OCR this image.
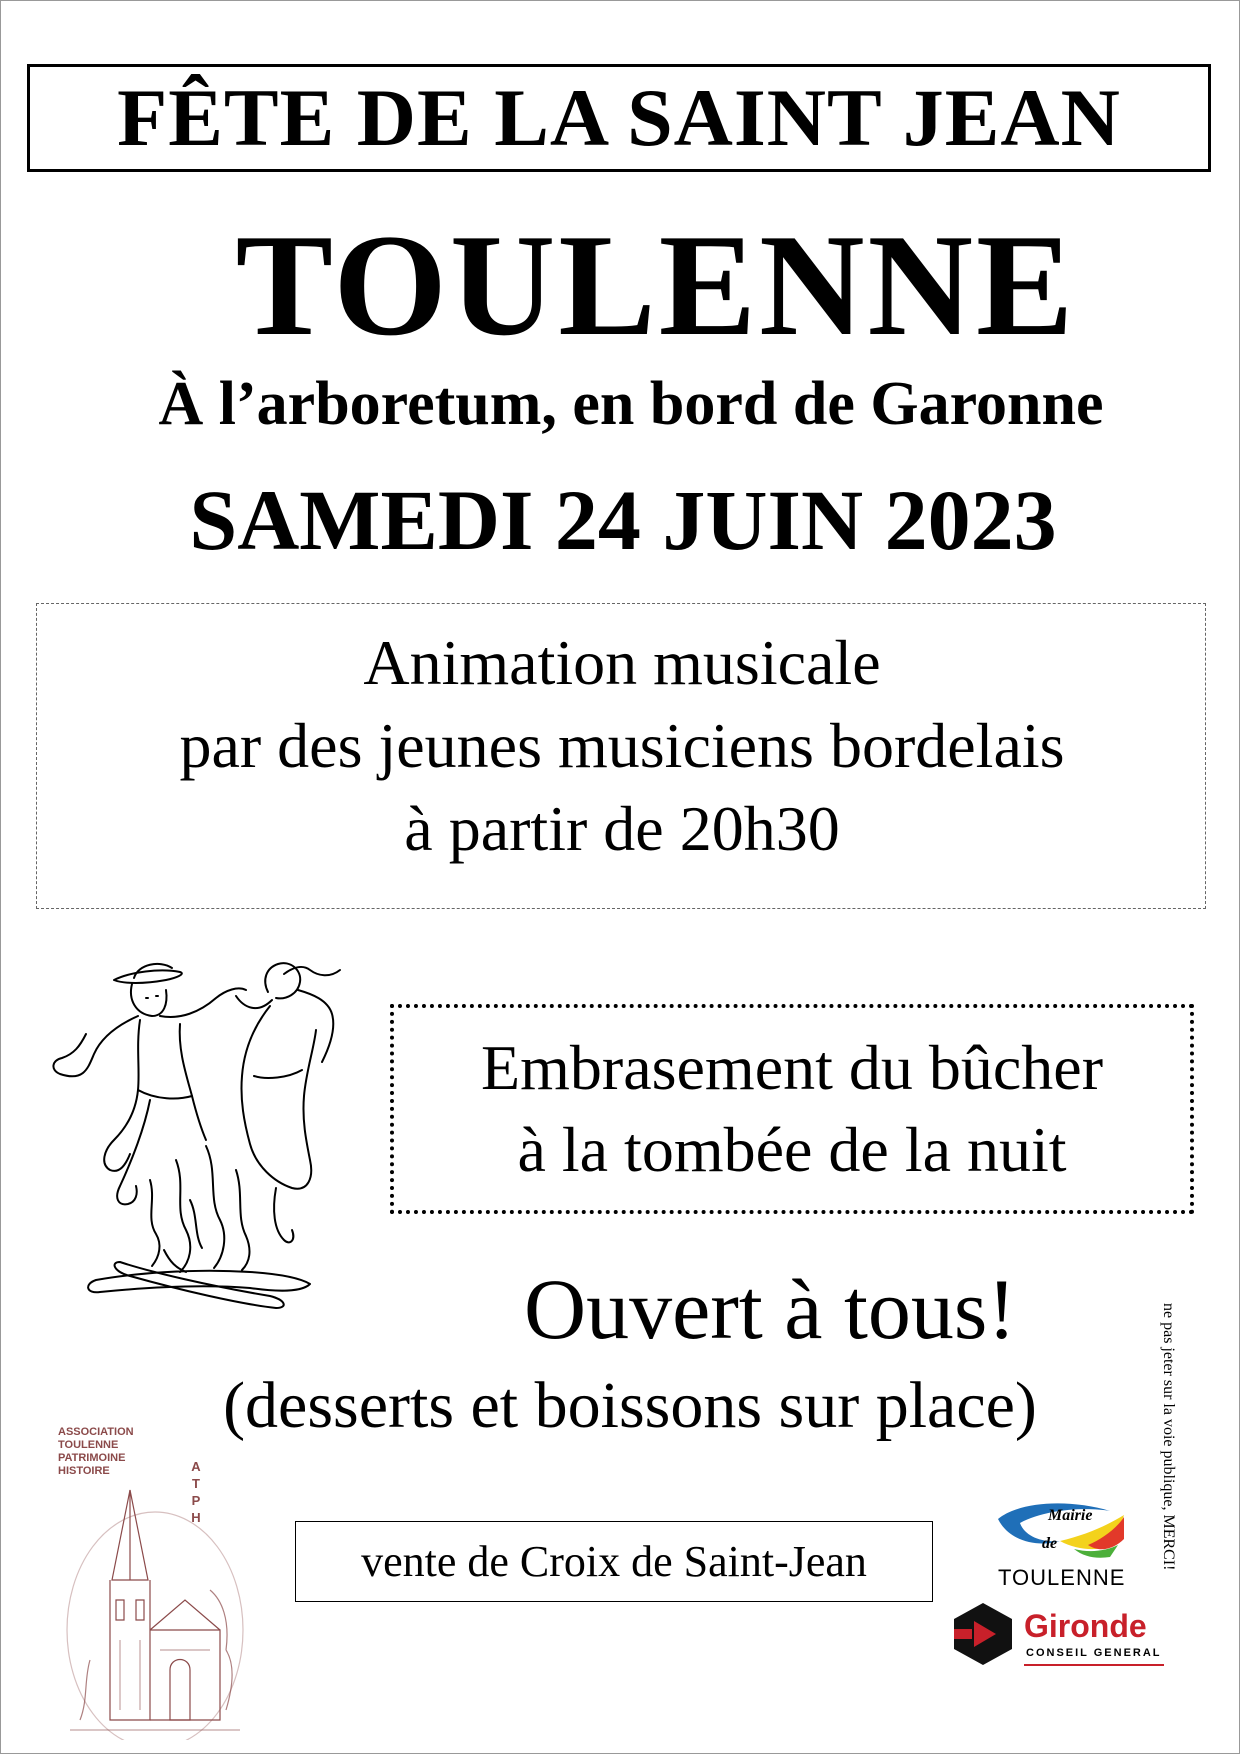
FÊTE DE LA SAINT JEAN
TOULENNE
À l’arboretum, en bord de Garonne
SAMEDI 24 JUIN 2023
Animation musicale
par des jeunes musiciens bordelais
à partir de 20h30
Embrasement du bûcher
à la tombée de la nuit
Ouvert à tous!
(desserts et boissons sur place)
ASSOCIATION
TOULENNE
PATRIMOINE
HISTOIRE	A
T
P
H
vente de Croix de Saint-Jean
Mairie
de
TOULENNE
Gironde
CONSEIL GENERAL
ne pas jeter sur la voie publique, MERCI!
